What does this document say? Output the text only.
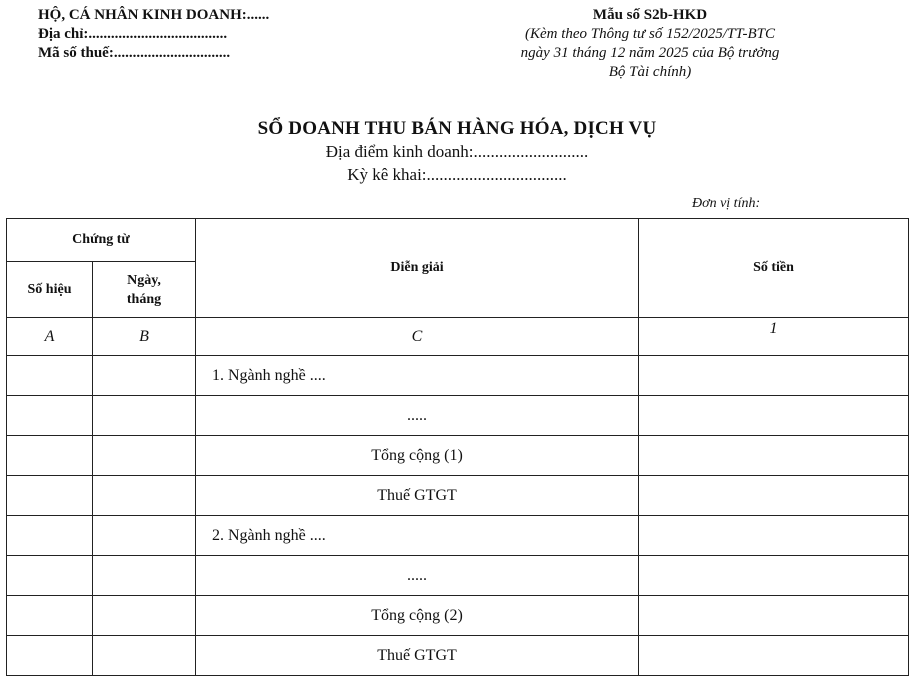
HỘ, CÁ NHÂN KINH DOANH:......
Địa chỉ:.....................................
Mã số thuế:...............................
Mẫu số S2b-HKD
(Kèm theo Thông tư số 152/2025/TT-BTC
ngày 31 tháng 12 năm 2025 của Bộ trưởng
Bộ Tài chính)
SỔ DOANH THU BÁN HÀNG HÓA, DỊCH VỤ
Địa điểm kinh doanh:...........................
Kỳ kê khai:.................................
Đơn vị tính:
Chứng từ		Diễn giải	Số tiền
Số hiệu	Ngày,
tháng		
A	B	C	1
		1. Ngành nghề ....	
		.....	
		Tổng cộng (1)	
		Thuế GTGT	
		2. Ngành nghề ....	
		.....	
		Tổng cộng (2)	
		Thuế GTGT	
